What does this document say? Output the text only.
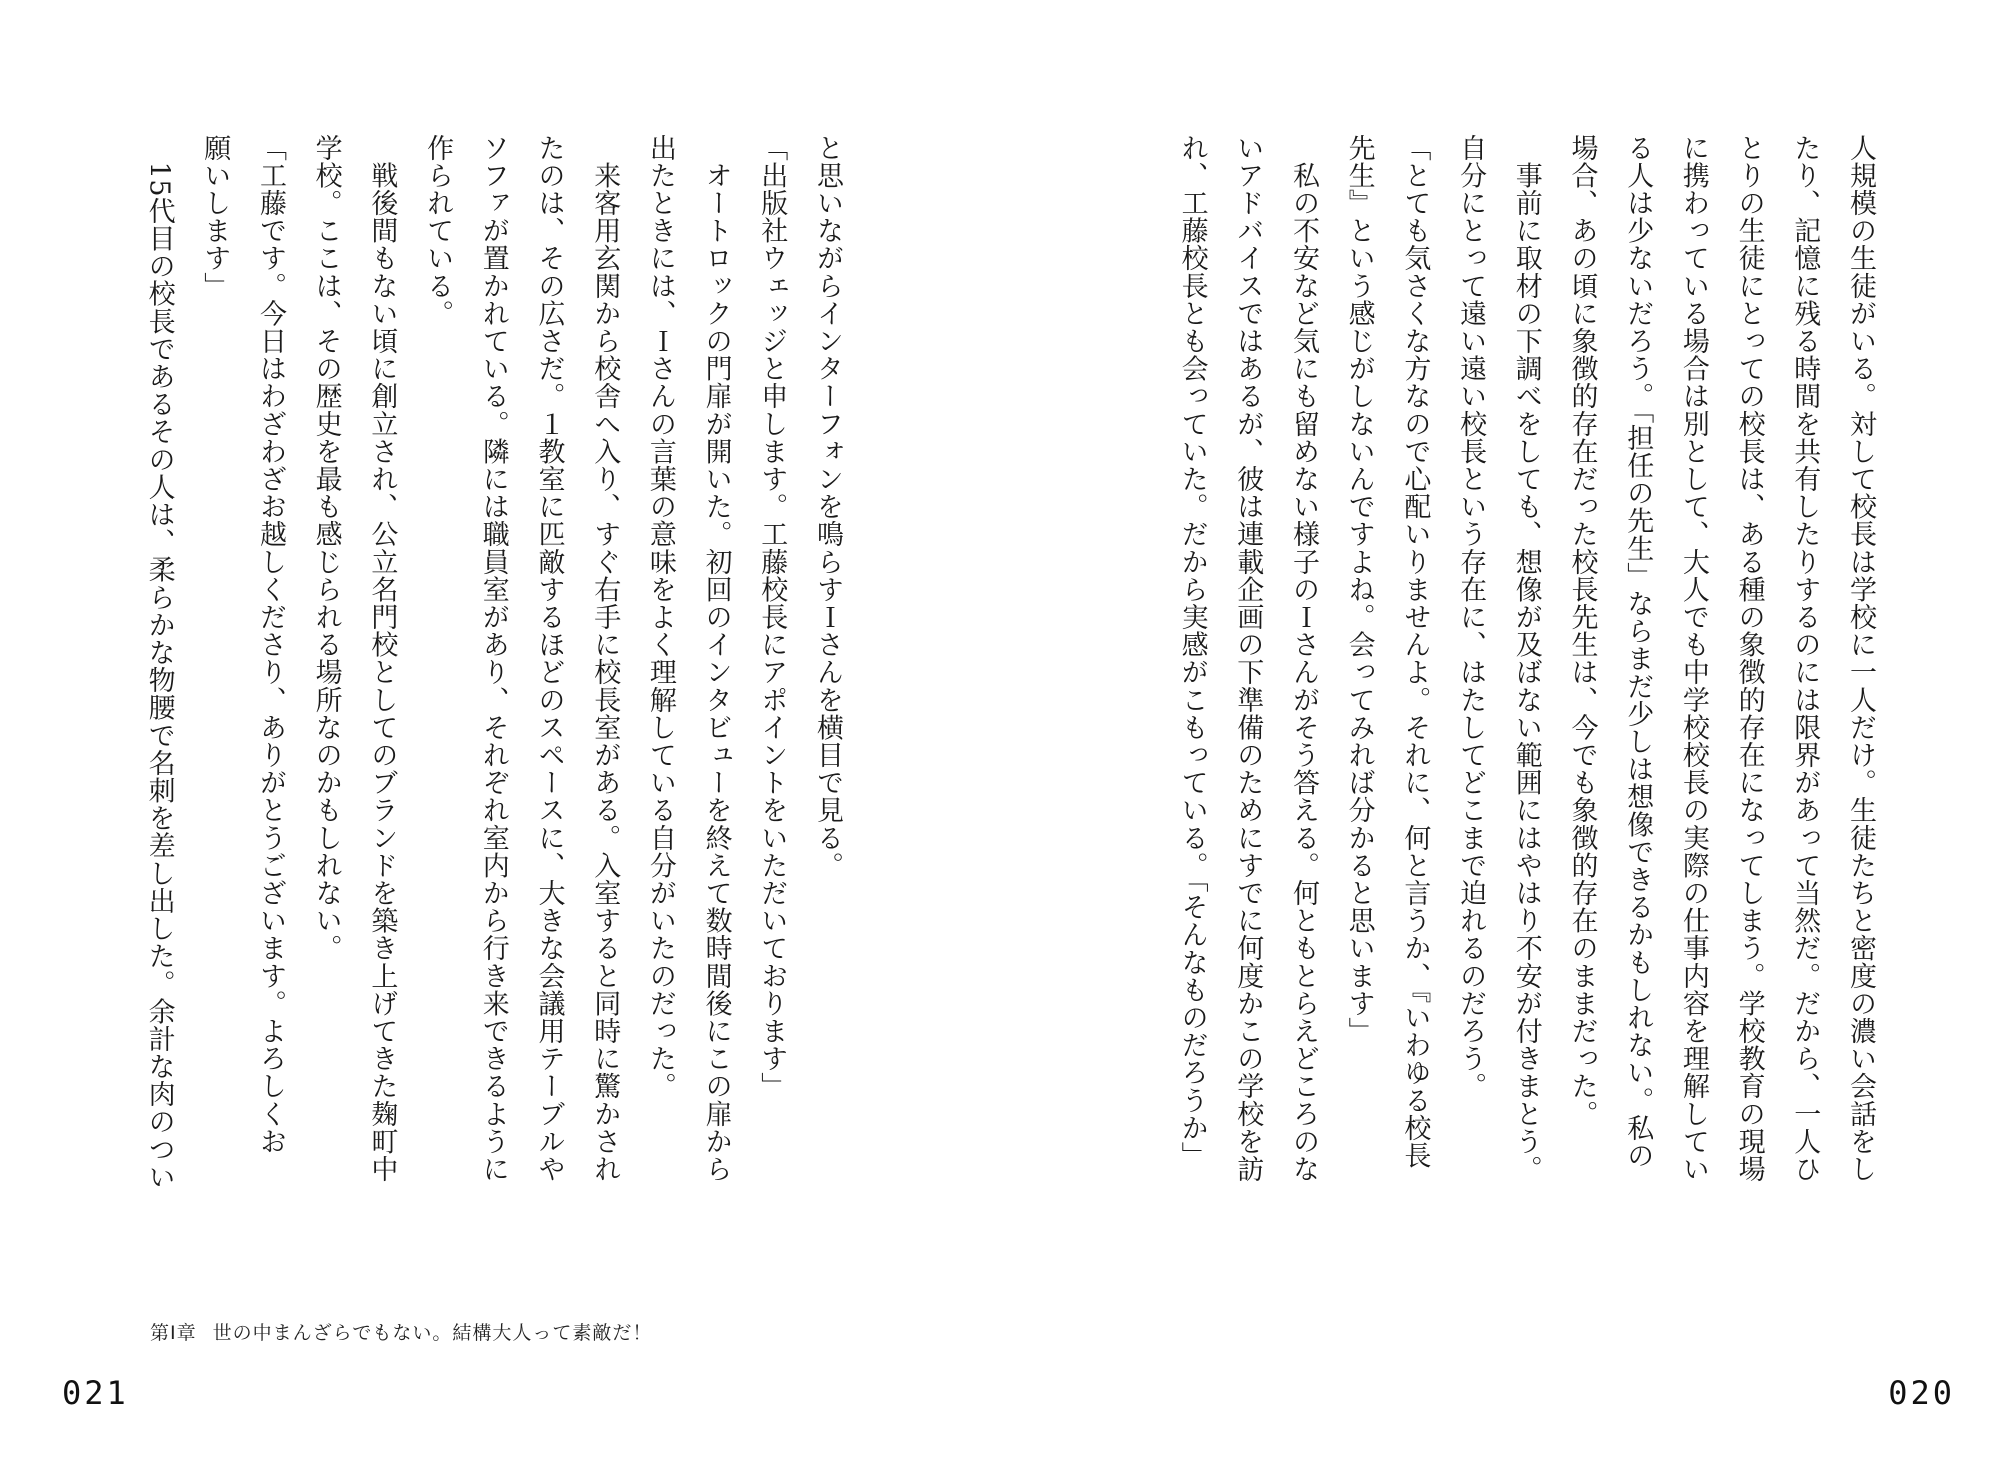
人規模の生徒がいる。対して校長は学校に一人だけ。生徒たちと密度の濃い会話をし
たり、記憶に残る時間を共有したりするのには限界があって当然だ。だから、一人ひ
とりの生徒にとっての校長は、ある種の象徴的存在になってしまう。学校教育の現場
に携わっている場合は別として、大人でも中学校校長の実際の仕事内容を理解してい
る人は少ないだろう。「担任の先生」ならまだ少しは想像できるかもしれない。私の
場合、あの頃に象徴的存在だった校長先生は、今でも象徴的存在のままだった。
　事前に取材の下調べをしても、想像が及ばない範囲にはやはり不安が付きまとう。
自分にとって遠い遠い校長という存在に、はたしてどこまで迫れるのだろう。
「とても気さくな方なので心配いりませんよ。それに、何と言うか、『いわゆる校長
先生』という感じがしないんですよね。会ってみれば分かると思います」
　私の不安など気にも留めない様子のＩさんがそう答える。何ともとらえどころのな
いアドバイスではあるが、彼は連載企画の下準備のためにすでに何度かこの学校を訪
れ、工藤校長とも会っていた。だから実感がこもっている。「そんなものだろうか」
020
と思いながらインターフォンを鳴らすＩさんを横目で見る。
「出版社ウェッジと申します。工藤校長にアポイントをいただいております」
　オートロックの門扉が開いた。初回のインタビューを終えて数時間後にこの扉から
出たときには、Ｉさんの言葉の意味をよく理解している自分がいたのだった。
　来客用玄関から校舎へ入り、すぐ右手に校長室がある。入室すると同時に驚かされ
たのは、その広さだ。１教室に匹敵するほどのスペースに、大きな会議用テーブルや
ソファが置かれている。隣には職員室があり、それぞれ室内から行き来できるように
作られている。
　戦後間もない頃に創立され、公立名門校としてのブランドを築き上げてきた麹町中
学校。ここは、その歴史を最も感じられる場所なのかもしれない。
「工藤です。今日はわざわざお越しくださり、ありがとうございます。よろしくお
願いします」
　15代目の校長であるその人は、柔らかな物腰で名刺を差し出した。余計な肉のつい
第Ⅰ章 世の中まんざらでもない。結構大人って素敵だ！
021
